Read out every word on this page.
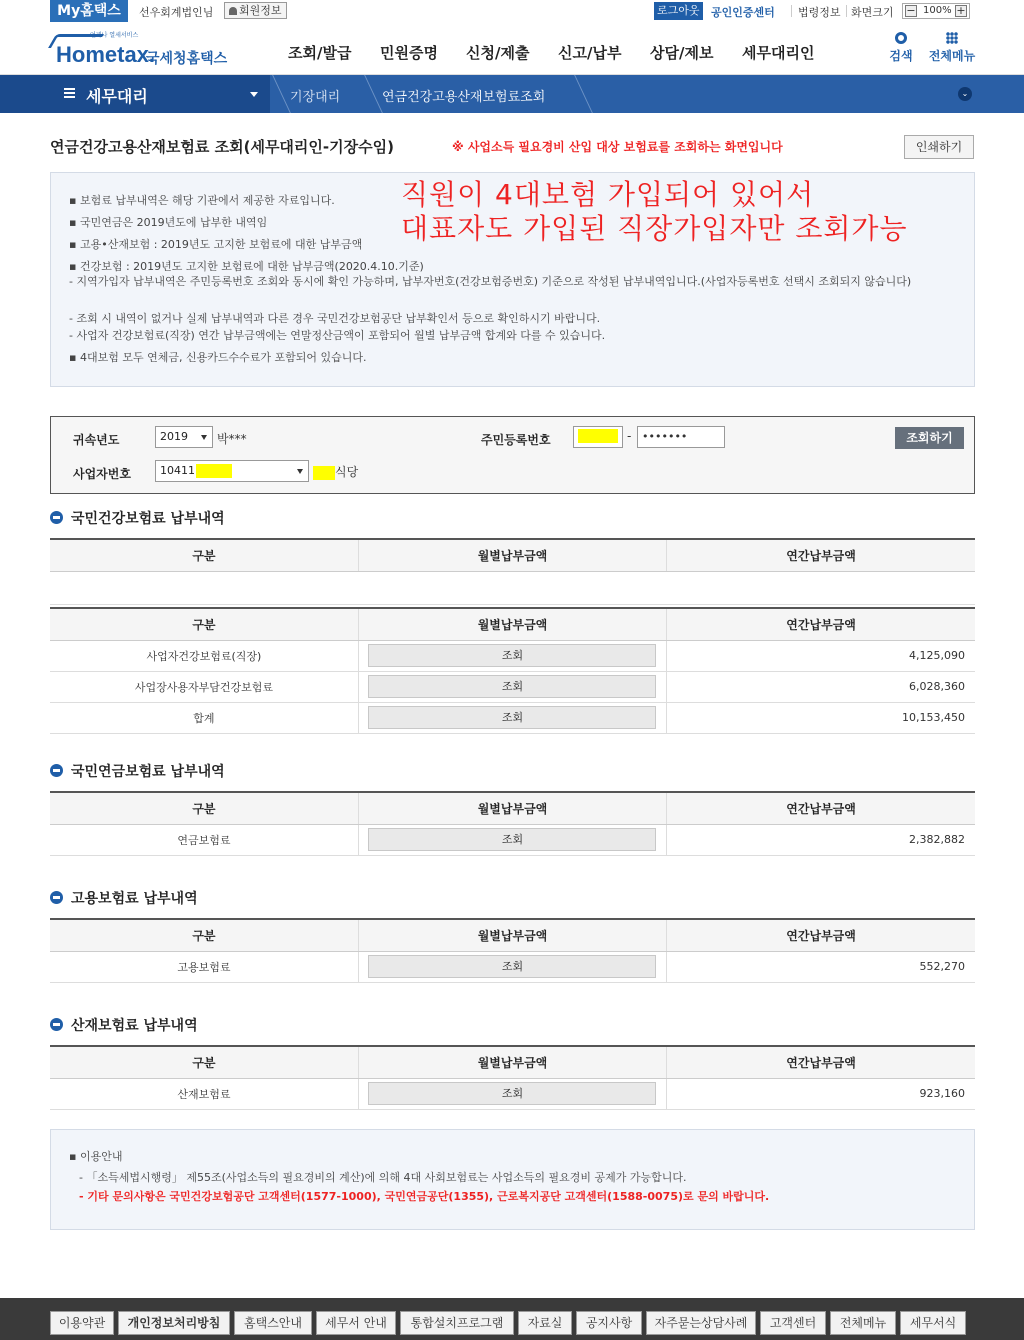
My홈택스	선우회계법인님	회원정보	로그아웃 공인인증센터 법령정보 화면크기 − 100% +
언제나 열세서비스
Hometax.
국세청홈택스	조회/발급 민원증명 신청/제출 신고/납부 상담/제보 세무대리인	검색 전체메뉴
세무대리	기장대리	연금건강고용산재보험료조회	⌄
연금건강고용산재보험료 조회(세무대리인-기장수임)	※ 사업소득 필요경비 산입 대상 보험료를 조회하는 화면입니다	인쇄하기
▪ 보험료 납부내역은 해당 기관에서 제공한 자료입니다.
▪ 국민연금은 2019년도에 납부한 내역임
▪ 고용•산재보험 : 2019년도 고지한 보험료에 대한 납부금액
▪ 건강보험 : 2019년도 고지한 보험료에 대한 납부금액(2020.4.10.기준)
- 지역가입자 납부내역은 주민등록번호 조회와 동시에 확인 가능하며, 납부자번호(건강보험증번호) 기준으로 작성된 납부내역입니다.(사업자등록번호 선택시 조회되지 않습니다)
- 조회 시 내역이 없거나 실제 납부내역과 다른 경우 국민건강보험공단 납부확인서 등으로 확인하시기 바랍니다.
- 사업자 건강보험료(직장) 연간 납부금액에는 연말정산금액이 포함되어 월별 납부금액 합계와 다를 수 있습니다.
▪ 4대보험 모두 연체금, 신용카드수수료가 포함되어 있습니다.
직원이 4대보험 가입되어 있어서
대표자도 가입된 직장가입자만 조회가능
귀속년도	2019	박***	주민등록번호	- •••••••
사업자번호	10411	식당
조회하기
국민건강보험료 납부내역
구분	월별납부금액	연간납부금액

구분	월별납부금액	연간납부금액
사업자건강보험료(직장)	조회	4,125,090
사업장사용자부담건강보험료	조회	6,028,360
합계	조회	10,153,450
국민연금보험료 납부내역
구분	월별납부금액	연간납부금액
연금보험료	조회	2,382,882
고용보험료 납부내역
구분	월별납부금액	연간납부금액
고용보험료	조회	552,270
산재보험료 납부내역
구분	월별납부금액	연간납부금액
산재보험료	조회	923,160
▪ 이용안내
- 「소득세법시행령」 제55조(사업소득의 필요경비의 계산)에 의해 4대 사회보험료는 사업소득의 필요경비 공제가 가능합니다.
- 기타 문의사항은 국민건강보험공단 고객센터(1577-1000), 국민연금공단(1355), 근로복지공단 고객센터(1588-0075)로 문의 바랍니다.
이용약관	개인정보처리방침	홈택스안내	세무서 안내	통합설치프로그램	자료실	공지사항	자주묻는상담사례	고객센터	전체메뉴	세무서식
